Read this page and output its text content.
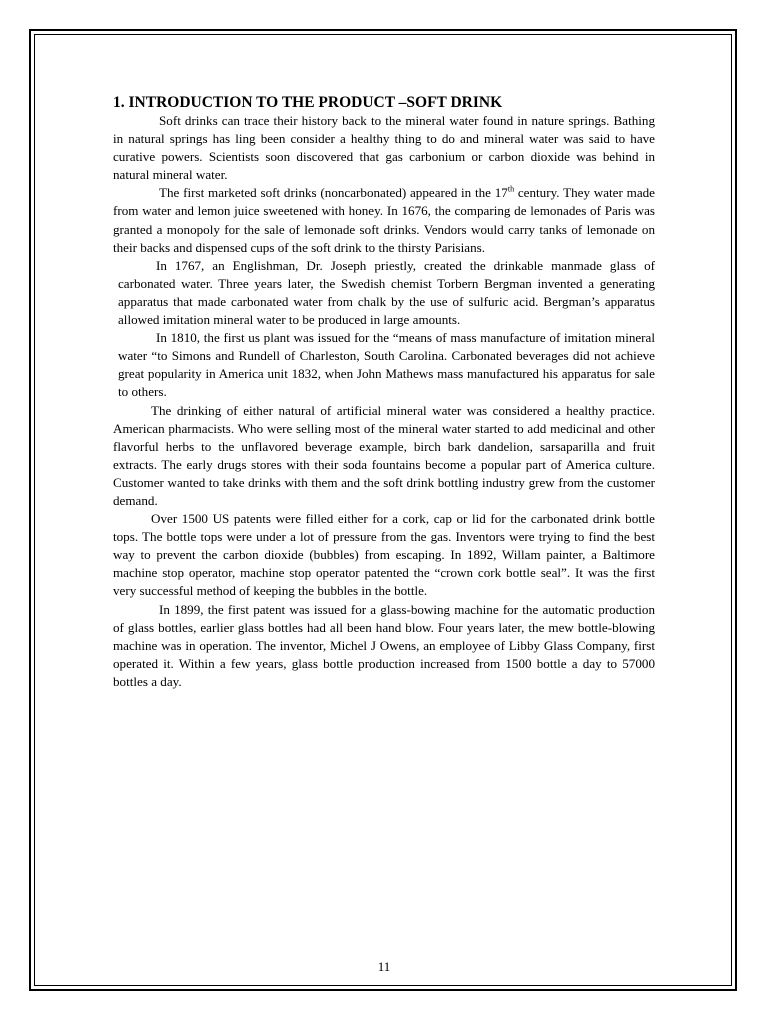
1. INTRODUCTION TO THE PRODUCT –SOFT DRINK

Soft drinks can trace their history back to the mineral water found in nature springs. Bathing in natural springs has ling been consider a healthy thing to do and mineral water was said to have curative powers. Scientists soon discovered that gas carbonium or carbon dioxide was behind in natural mineral water.

The first marketed soft drinks (noncarbonated) appeared in the 17th century. They water made from water and lemon juice sweetened with honey. In 1676, the comparing de lemonades of Paris was granted a monopoly for the sale of lemonade soft drinks. Vendors would carry tanks of lemonade on their backs and dispensed cups of the soft drink to the thirsty Parisians.

In 1767, an Englishman, Dr. Joseph priestly, created the drinkable manmade glass of carbonated water. Three years later, the Swedish chemist Torbern Bergman invented a generating apparatus that made carbonated water from chalk by the use of sulfuric acid. Bergman’s apparatus allowed imitation mineral water to be produced in large amounts.

In 1810, the first us plant was issued for the “means of mass manufacture of imitation mineral water “to Simons and Rundell of Charleston, South Carolina. Carbonated beverages did not achieve great popularity in America unit 1832, when John Mathews mass manufactured his apparatus for sale to others.

The drinking of either natural of artificial mineral water was considered a healthy practice. American pharmacists. Who were selling most of the mineral water started to add medicinal and other flavorful herbs to the unflavored beverage example, birch bark dandelion, sarsaparilla and fruit extracts. The early drugs stores with their soda fountains become a popular part of America culture. Customer wanted to take drinks with them and the soft drink bottling industry grew from the customer demand.

Over 1500 US patents were filled either for a cork, cap or lid for the carbonated drink bottle tops. The bottle tops were under a lot of pressure from the gas. Inventors were trying to find the best way to prevent the carbon dioxide (bubbles) from escaping. In 1892, Willam painter, a Baltimore machine stop operator, machine stop operator patented the “crown cork bottle seal”. It was the first very successful method of keeping the bubbles in the bottle.

In 1899, the first patent was issued for a glass-bowing machine for the automatic production of glass bottles, earlier glass bottles had all been hand blow. Four years later, the mew bottle-blowing machine was in operation. The inventor, Michel J Owens, an employee of Libby Glass Company, first operated it. Within a few years, glass bottle production increased from 1500 bottle a day to 57000 bottles a day.

11
